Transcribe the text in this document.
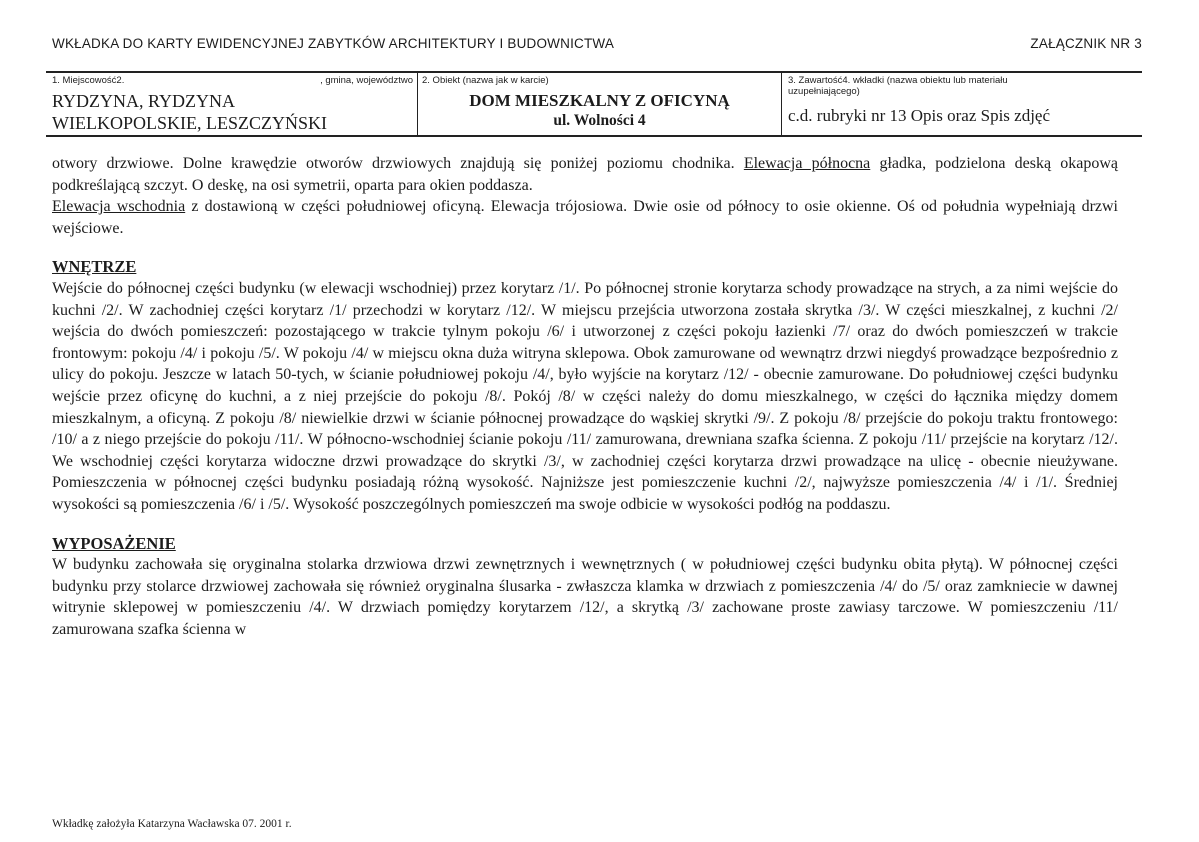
WKŁADKA DO KARTY EWIDENCYJNEJ ZABYTKÓW ARCHITEKTURY I BUDOWNICTWA	ZAŁĄCZNIK NR 3
1. Miejscowość2.	, gmina, województwo
RYDZYNA, RYDZYNA
WIELKOPOLSKIE, LESZCZYŃSKI
2. Obiekt (nazwa jak w karcie)
DOM MIESZKALNY Z OFICYNĄ
ul. Wolności 4
3. Zawartość4. wkładki (nazwa obiektu lub materiału uzupełniającego)
c.d. rubryki nr 13 Opis oraz Spis zdjęć

otwory drzwiowe. Dolne krawędzie otworów drzwiowych znajdują się poniżej poziomu chodnika. Elewacja północna gładka, podzielona deską okapową podkreślającą szczyt. O deskę, na osi symetrii, oparta para okien poddasza.

Elewacja wschodnia z dostawioną w części południowej oficyną. Elewacja trójosiowa. Dwie osie od północy to osie okienne. Oś od południa wypełniają drzwi wejściowe.

WNĘTRZE

Wejście do północnej części budynku (w elewacji wschodniej) przez korytarz /1/. Po północnej stronie korytarza schody prowadzące na strych, a za nimi wejście do kuchni /2/. W zachodniej części korytarz /1/ przechodzi w korytarz /12/. W miejscu przejścia utworzona została skrytka /3/. W części mieszkalnej, z kuchni /2/ wejścia do dwóch pomieszczeń: pozostającego w trakcie tylnym pokoju /6/ i utworzonej z części pokoju łazienki /7/ oraz do dwóch pomieszczeń w trakcie frontowym: pokoju /4/ i pokoju /5/. W pokoju /4/ w miejscu okna duża witryna sklepowa. Obok zamurowane od wewnątrz drzwi niegdyś prowadzące bezpośrednio z ulicy do pokoju. Jeszcze w latach 50-tych, w ścianie południowej pokoju /4/, było wyjście na korytarz /12/ - obecnie zamurowane. Do południowej części budynku wejście przez oficynę do kuchni, a z niej przejście do pokoju /8/. Pokój /8/ w części należy do domu mieszkalnego, w części do łącznika między domem mieszkalnym, a oficyną. Z pokoju /8/ niewielkie drzwi w ścianie północnej prowadzące do wąskiej skrytki /9/. Z pokoju /8/ przejście do pokoju traktu frontowego: /10/ a z niego przejście do pokoju /11/. W północno-wschodniej ścianie pokoju /11/ zamurowana, drewniana szafka ścienna. Z pokoju /11/ przejście na korytarz /12/. We wschodniej części korytarza widoczne drzwi prowadzące do skrytki /3/, w zachodniej części korytarza drzwi prowadzące na ulicę - obecnie nieużywane. Pomieszczenia w północnej części budynku posiadają różną wysokość. Najniższe jest pomieszczenie kuchni /2/, najwyższe pomieszczenia /4/ i /1/. Średniej wysokości są pomieszczenia /6/ i /5/. Wysokość poszczególnych pomieszczeń ma swoje odbicie w wysokości podłóg na poddaszu.

WYPOSAŻENIE

W budynku zachowała się oryginalna stolarka drzwiowa drzwi zewnętrznych i wewnętrznych ( w południowej części budynku obita płytą). W północnej części budynku przy stolarce drzwiowej zachowała się również oryginalna ślusarka - zwłaszcza klamka w drzwiach z pomieszczenia /4/ do /5/ oraz zamkniecie w dawnej witrynie sklepowej w pomieszczeniu /4/. W drzwiach pomiędzy korytarzem /12/, a skrytką /3/ zachowane proste zawiasy tarczowe. W pomieszczeniu /11/ zamurowana szafka ścienna w

Wkładkę założyła Katarzyna Wacławska 07. 2001 r.
